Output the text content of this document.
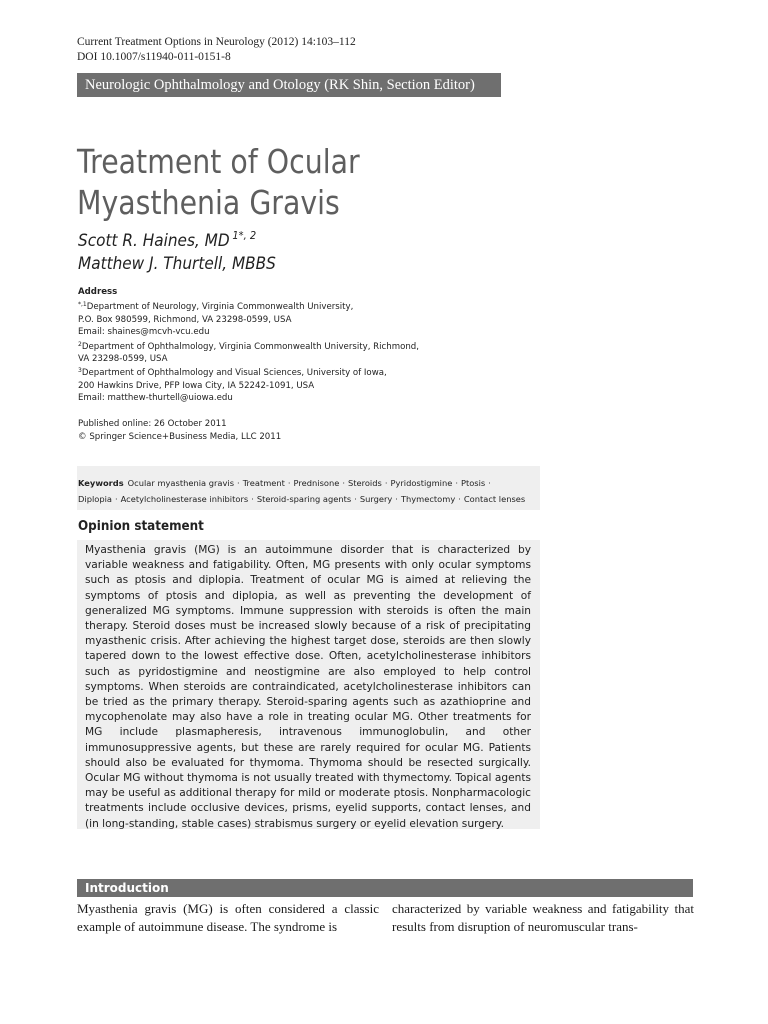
Current Treatment Options in Neurology (2012) 14:103–112
DOI 10.1007/s11940-011-0151-8
Neurologic Ophthalmology and Otology (RK Shin, Section Editor)
Treatment of Ocular
Myasthenia Gravis
Scott R. Haines, MD $^{1*, 2}$
Matthew J. Thurtell, MBBS
Address
$^{*,1}$Department of Neurology, Virginia Commonwealth University,
P.O. Box 980599, Richmond, VA 23298-0599, USA
Email: shaines@mcvh-vcu.edu
$^2$Department of Ophthalmology, Virginia Commonwealth University, Richmond,
VA 23298-0599, USA
$^3$Department of Ophthalmology and Visual Sciences, University of Iowa,
200 Hawkins Drive, PFP Iowa City, IA 52242-1091, USA
Email: matthew-thurtell@uiowa.edu
Published online: 26 October 2011
© Springer Science+Business Media, LLC 2011
Keywords Ocular myasthenia gravis · Treatment · Prednisone · Steroids · Pyridostigmine · Ptosis ·
Diplopia · Acetylcholinesterase inhibitors · Steroid-sparing agents · Surgery · Thymectomy · Contact lenses
Opinion statement
Myasthenia gravis (MG) is an autoimmune disorder that is characterized by variable weakness and fatigability. Often, MG presents with only ocular symptoms such as ptosis and diplopia. Treatment of ocular MG is aimed at relieving the symptoms of ptosis and diplopia, as well as preventing the development of generalized MG symptoms. Immune suppression with steroids is often the main therapy. Steroid doses must be increased slowly because of a risk of precipitating myasthenic crisis. After achieving the highest target dose, steroids are then slowly tapered down to the lowest effective dose. Often, acetylcholinesterase inhibitors such as pyridostigmine and neostigmine are also employed to help control symptoms. When steroids are contraindicated, acetylcholinesterase inhibitors can be tried as the primary therapy. Steroid-sparing agents such as azathioprine and mycophenolate may also have a role in treating ocular MG. Other treatments for MG include plasmapheresis, intravenous immunoglobulin, and other immunosuppressive agents, but these are rarely required for ocular MG. Patients should also be evaluated for thymoma. Thymoma should be resected surgically. Ocular MG without thymoma is not usually treated with thymectomy. Topical agents may be useful as additional therapy for mild or moderate ptosis. Nonpharmacologic treatments include occlusive devices, prisms, eyelid supports, contact lenses, and (in long-standing, stable cases) strabismus surgery or eyelid elevation surgery.
Introduction
Myasthenia gravis (MG) is often considered a classic example of autoimmune disease. The syndrome is
characterized by variable weakness and fatigability that results from disruption of neuromuscular trans-
